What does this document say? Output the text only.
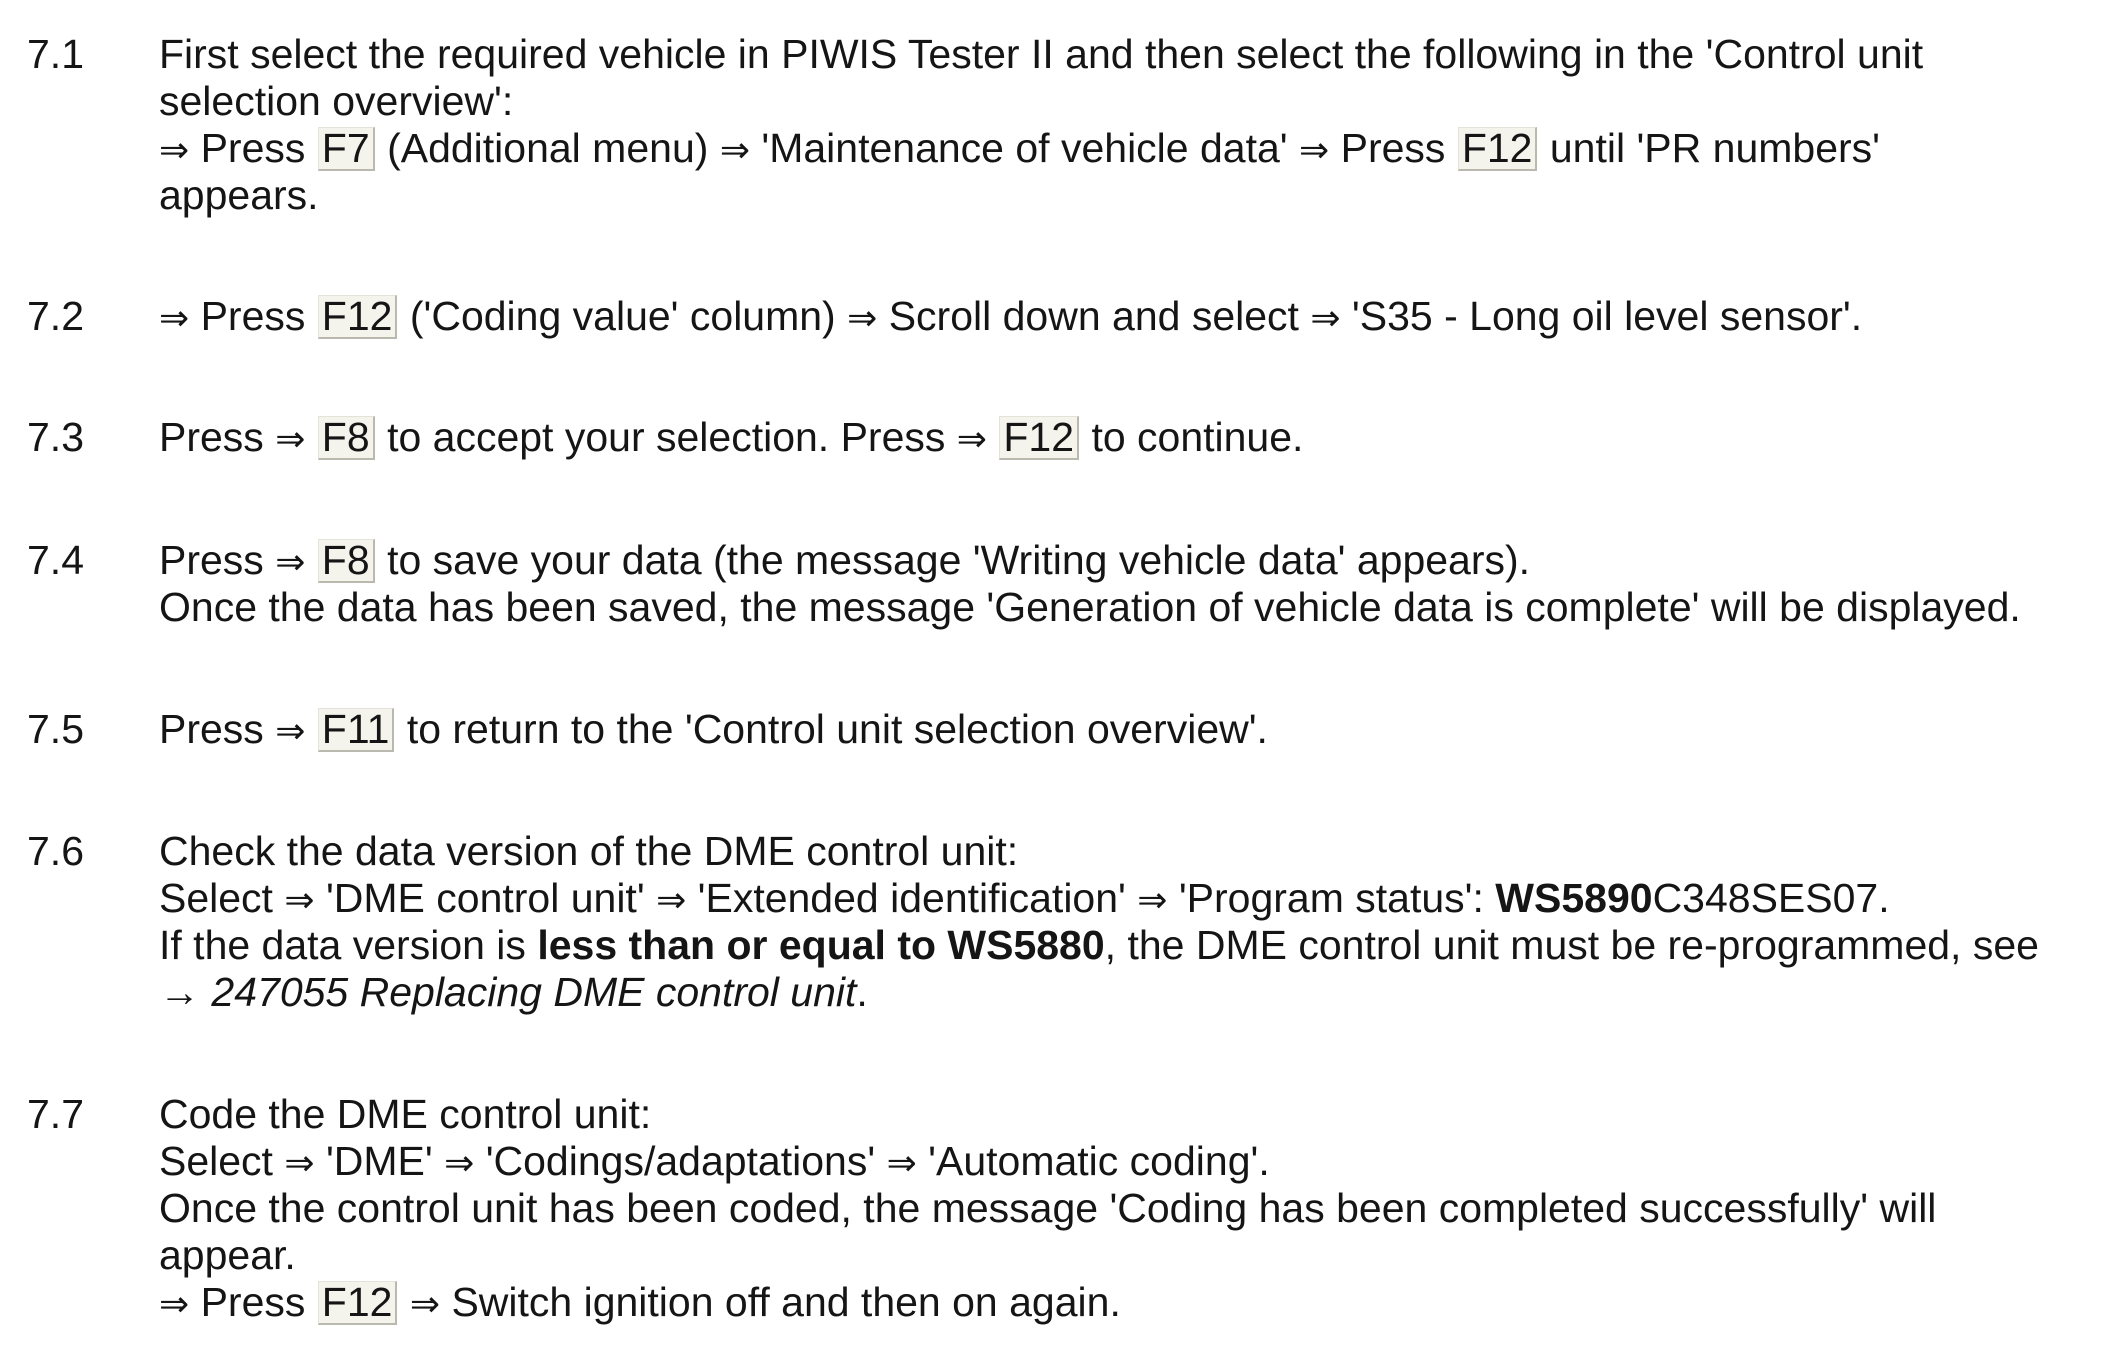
7.1 First select the required vehicle in PIWIS Tester II and then select the following in the 'Control unit
selection overview':
⇒ Press F7 (Additional menu) ⇒ 'Maintenance of vehicle data' ⇒ Press F12 until 'PR numbers'
appears.
7.2 ⇒ Press F12 ('Coding value' column) ⇒ Scroll down and select ⇒ 'S35 - Long oil level sensor'.
7.3 Press ⇒ F8 to accept your selection. Press ⇒ F12 to continue.
7.4 Press ⇒ F8 to save your data (the message 'Writing vehicle data' appears).
Once the data has been saved, the message 'Generation of vehicle data is complete' will be displayed.
7.5 Press ⇒ F11 to return to the 'Control unit selection overview'.
7.6 Check the data version of the DME control unit:
Select ⇒ 'DME control unit' ⇒ 'Extended identification' ⇒ 'Program status': WS5890C348SES07.
If the data version is less than or equal to WS5880, the DME control unit must be re-programmed, see
→ 247055 Replacing DME control unit.
7.7 Code the DME control unit:
Select ⇒ 'DME' ⇒ 'Codings/adaptations' ⇒ 'Automatic coding'.
Once the control unit has been coded, the message 'Coding has been completed successfully' will
appear.
⇒ Press F12 ⇒ Switch ignition off and then on again.
